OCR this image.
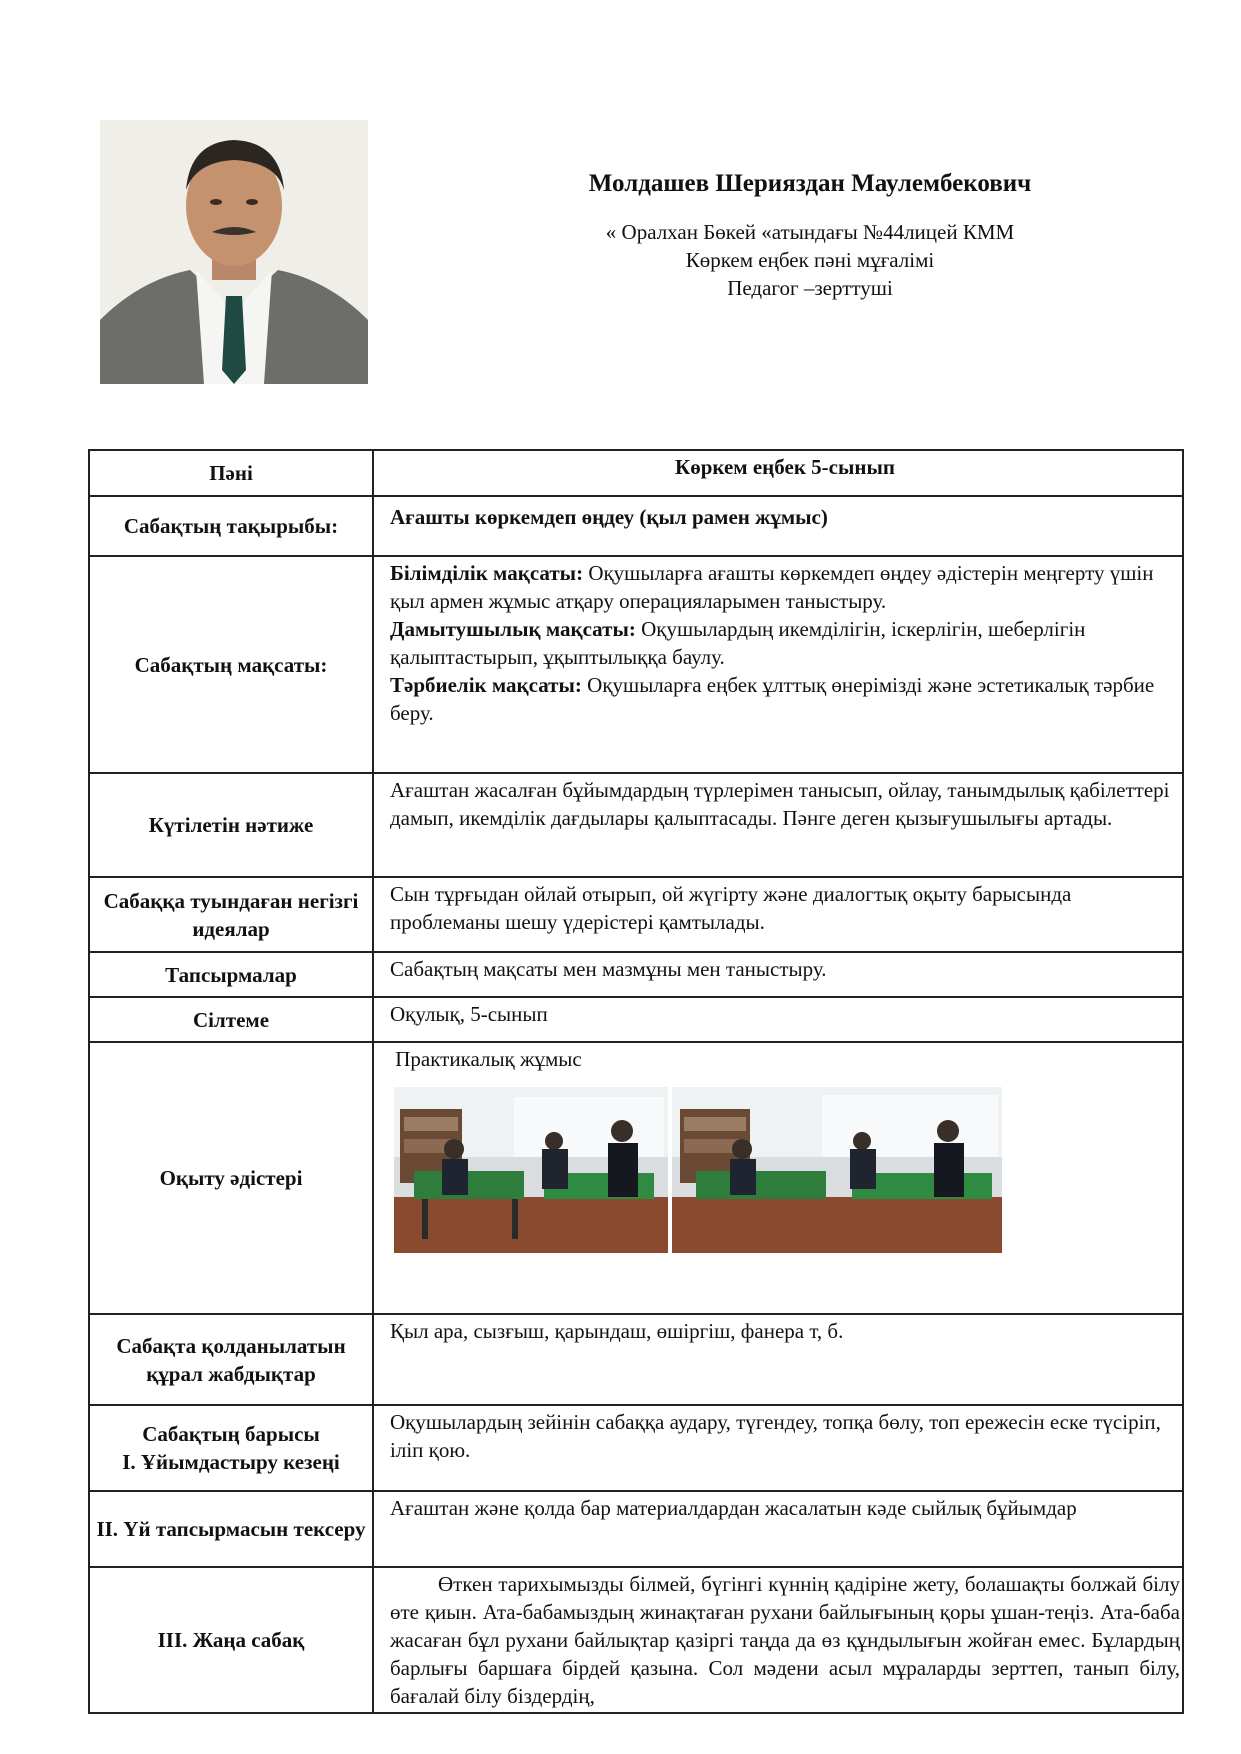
Молдашев Шерияздан Маулембекович
« Оралхан Бөкей «атындағы №44лицей КММ
Көркем еңбек пәні мұғалімі
Педагог –зерттуші
Пәні	Көркем еңбек 5-сынып
Сабақтың тақырыбы:	Ағашты көркемдеп өңдеу (қыл рамен жұмыс)
Сабақтың мақсаты:	Білімділік мақсаты: Оқушыларға ағашты көркемдеп өңдеу әдістерін меңгерту үшін қыл армен жұмыс атқару операцияларымен таныстыру.
Дамытушылық мақсаты: Оқушылардың икемділігін, іскерлігін, шеберлігін қалыптастырып, ұқыптылыққа баулу.
Тәрбиелік мақсаты: Оқушыларға еңбек ұлттық өнерімізді және эстетикалық тәрбие беру.

Күтілетін нәтиже	Ағаштан жасалған бұйымдардың түрлерімен танысып, ойлау, танымдылық қабілеттері дамып, икемділік дағдылары қалыптасады. Пәнге деген қызығушылығы артады.
Сабаққа туындаған негізгі идеялар	Сын тұрғыдан ойлай отырып, ой жүгірту және диалогтық оқыту барысында проблеманы шешу үдерістері қамтылады.
Тапсырмалар	Сабақтың мақсаты мен мазмұны мен таныстыру.
Сілтеме	Оқулық, 5-сынып
Оқыту әдістері	Практикалық жұмыс

Сабақта қолданылатын құрал жабдықтар	Қыл ара, сызғыш, қарындаш, өшіргіш, фанера т, б.

Сабақтың барысы
І. Ұйымдастыру кезеңі	Оқушылардың зейінін сабаққа аудару, түгендеу, топқа бөлу, топ ережесін еске түсіріп, іліп қою.
ІІ. Үй тапсырмасын тексеру	Ағаштан және қолда бар материалдардан жасалатын кәде сыйлық бұйымдар
ІІІ. Жаңа сабақ	Өткен тарихымызды білмей, бүгінгі күннің қадіріне жету, болашақты болжай білу өте қиын. Ата-бабамыздың жинақтаған рухани байлығының қоры ұшан-теңіз. Ата-баба жасаған бұл рухани байлықтар қазіргі таңда да өз құндылығын жойған емес. Бұлардың барлығы баршаға бірдей қазына. Сол мәдени асыл мұраларды зерттеп, танып білу, бағалай білу біздердің,
